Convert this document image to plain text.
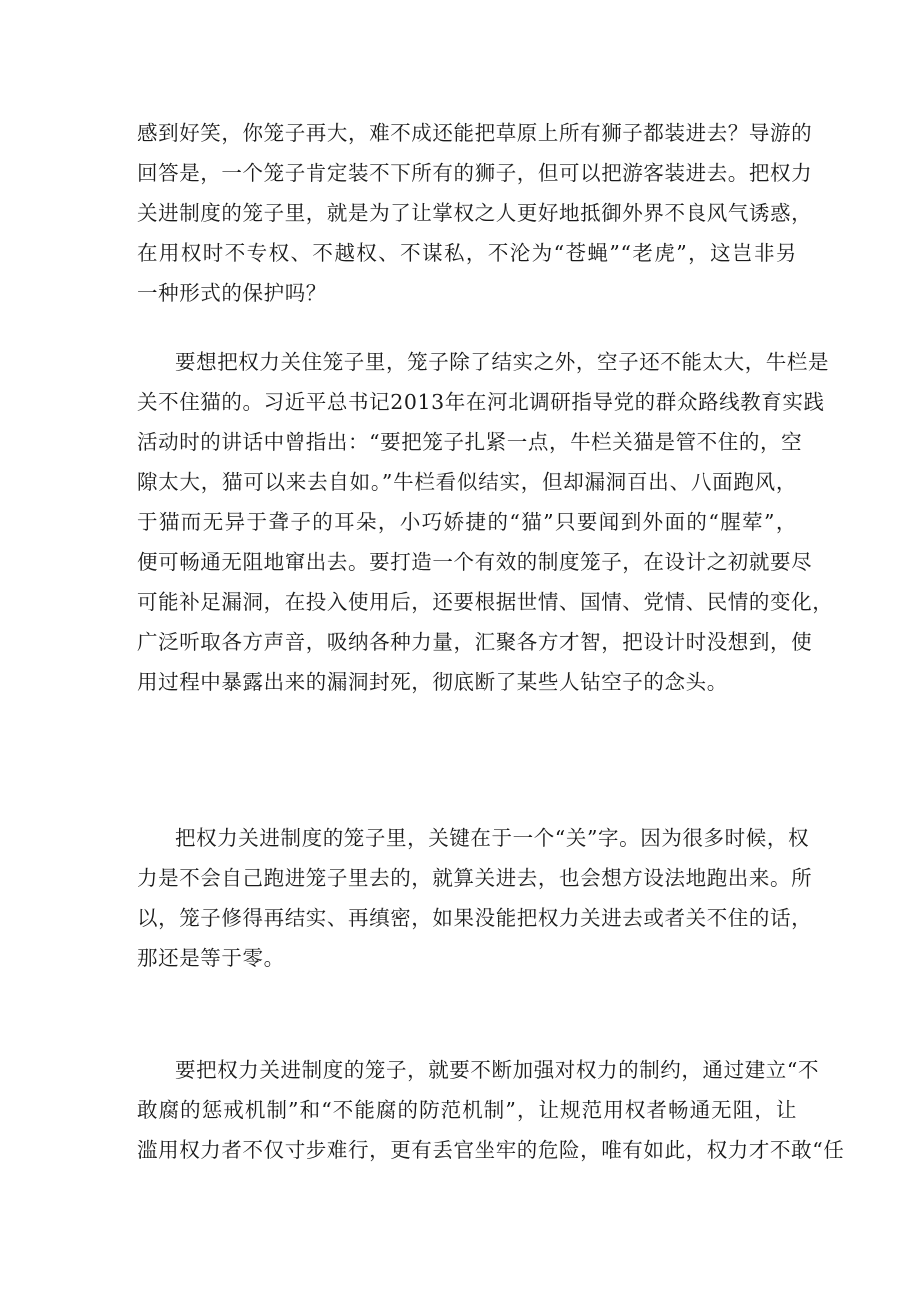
感到好笑，你笼子再大，难不成还能把草原上所有狮子都装进去？导游的
回答是，一个笼子肯定装不下所有的狮子，但可以把游客装进去。把权力
关进制度的笼子里，就是为了让掌权之人更好地抵御外界不良风气诱惑，
在用权时不专权、不越权、不谋私，不沦为“苍蝇”“老虎”，这岂非另
一种形式的保护吗？
要想把权力关住笼子里，笼子除了结实之外，空子还不能太大，牛栏是
关不住猫的。习近平总书记2013年在河北调研指导党的群众路线教育实践
活动时的讲话中曾指出：“要把笼子扎紧一点，牛栏关猫是管不住的，空
隙太大，猫可以来去自如。”牛栏看似结实，但却漏洞百出、八面跑风，
于猫而无异于聋子的耳朵，小巧娇捷的“猫”只要闻到外面的“腥荤”，
便可畅通无阻地窜出去。要打造一个有效的制度笼子，在设计之初就要尽
可能补足漏洞，在投入使用后，还要根据世情、国情、党情、民情的变化，
广泛听取各方声音，吸纳各种力量，汇聚各方才智，把设计时没想到，使
用过程中暴露出来的漏洞封死，彻底断了某些人钻空子的念头。
把权力关进制度的笼子里，关键在于一个“关”字。因为很多时候，权
力是不会自己跑进笼子里去的，就算关进去，也会想方设法地跑出来。所
以，笼子修得再结实、再缜密，如果没能把权力关进去或者关不住的话，
那还是等于零。
要把权力关进制度的笼子，就要不断加强对权力的制约，通过建立“不
敢腐的惩戒机制”和“不能腐的防范机制”，让规范用权者畅通无阻，让
滥用权力者不仅寸步难行，更有丢官坐牢的危险，唯有如此，权力才不敢“任
